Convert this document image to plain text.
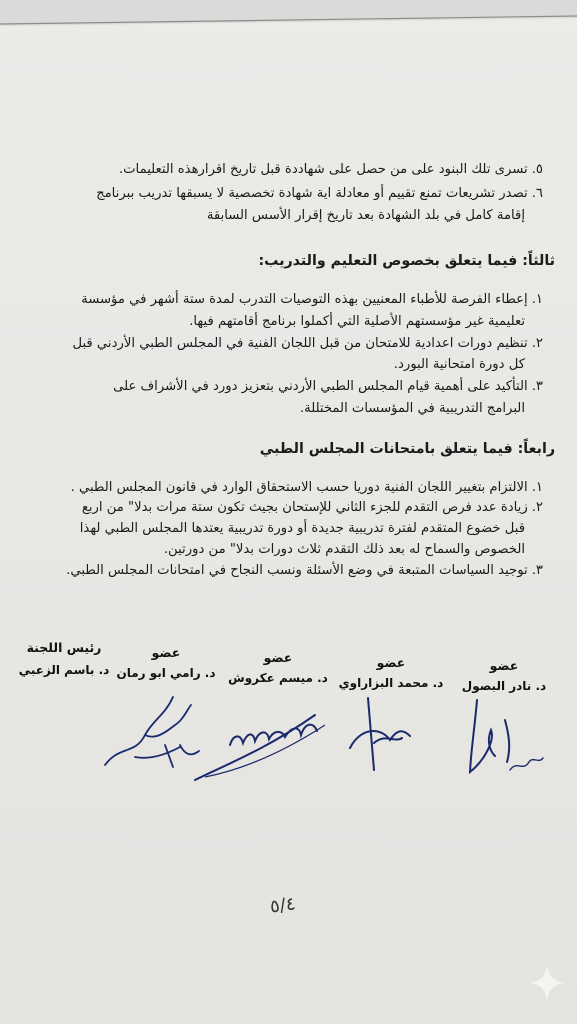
٥.تسرى تلك البنود على من حصل على شهاددة قبل تاريخ اقرارهذه التعليمات.
٦.تصدر تشريعات تمنع تقييم أو معادلة اية شهادة تخصصية لا يسبقها تدريب ببرنامج
إقامة كامل في بلد الشهادة بعد تاريخ إقرار الأسس السابقة
ثالثاً: فيما يتعلق بخصوص التعليم والتدريب:
١.إعطاء الفرصة للأطباء المعنيين بهذه التوصيات التدرب لمدة ستة أشهر في مؤسسة
تعليمية غير مؤسستهم الأصلية التي أكملوا برنامج أقامتهم فيها.
٢.تنظيم دورات اعدادية للامتحان من قبل اللجان الفنية في المجلس الطبي الأردني قبل
كل دورة امتحانية البورد.
٣.التأكيد على أهمية قيام المجلس الطبي الأردني بتعزيز دورد في الأشراف على
البرامج التدريبية في المؤسسات المختللة.
رابعاً: فيما يتعلق بامتحانات المجلس الطبي
١.الالتزام بتغيير اللجان الفنية دوريا حسب الاستحقاق الوارد في قانون المجلس الطبي .
٢.زيادة عدد فرص التقدم للجزء الثاني للإستحان بجيث تكون ستة مرات بدلا" من اربع
قبل خضوع المتقدم لفترة تدريبية جديدة أو دورة تدريبية يعتدها المجلس الطبي لهذا
الخصوص والسماح له بعد ذلك التقدم ثلاث دورات بدلا" من دورتين.
٣.توجيد السياسات المتبعة في وضع الأسئلة ونسب النجاح في امتحانات المجلس الطبي.
رئيس اللجنة
د. باسم الزعبي
عضو
د. رامي ابو رمان
عضو
د. ميسم عكروش
عضو
د. محمد البزاراوي
عضو
د. نادر البصول
٥/٤
